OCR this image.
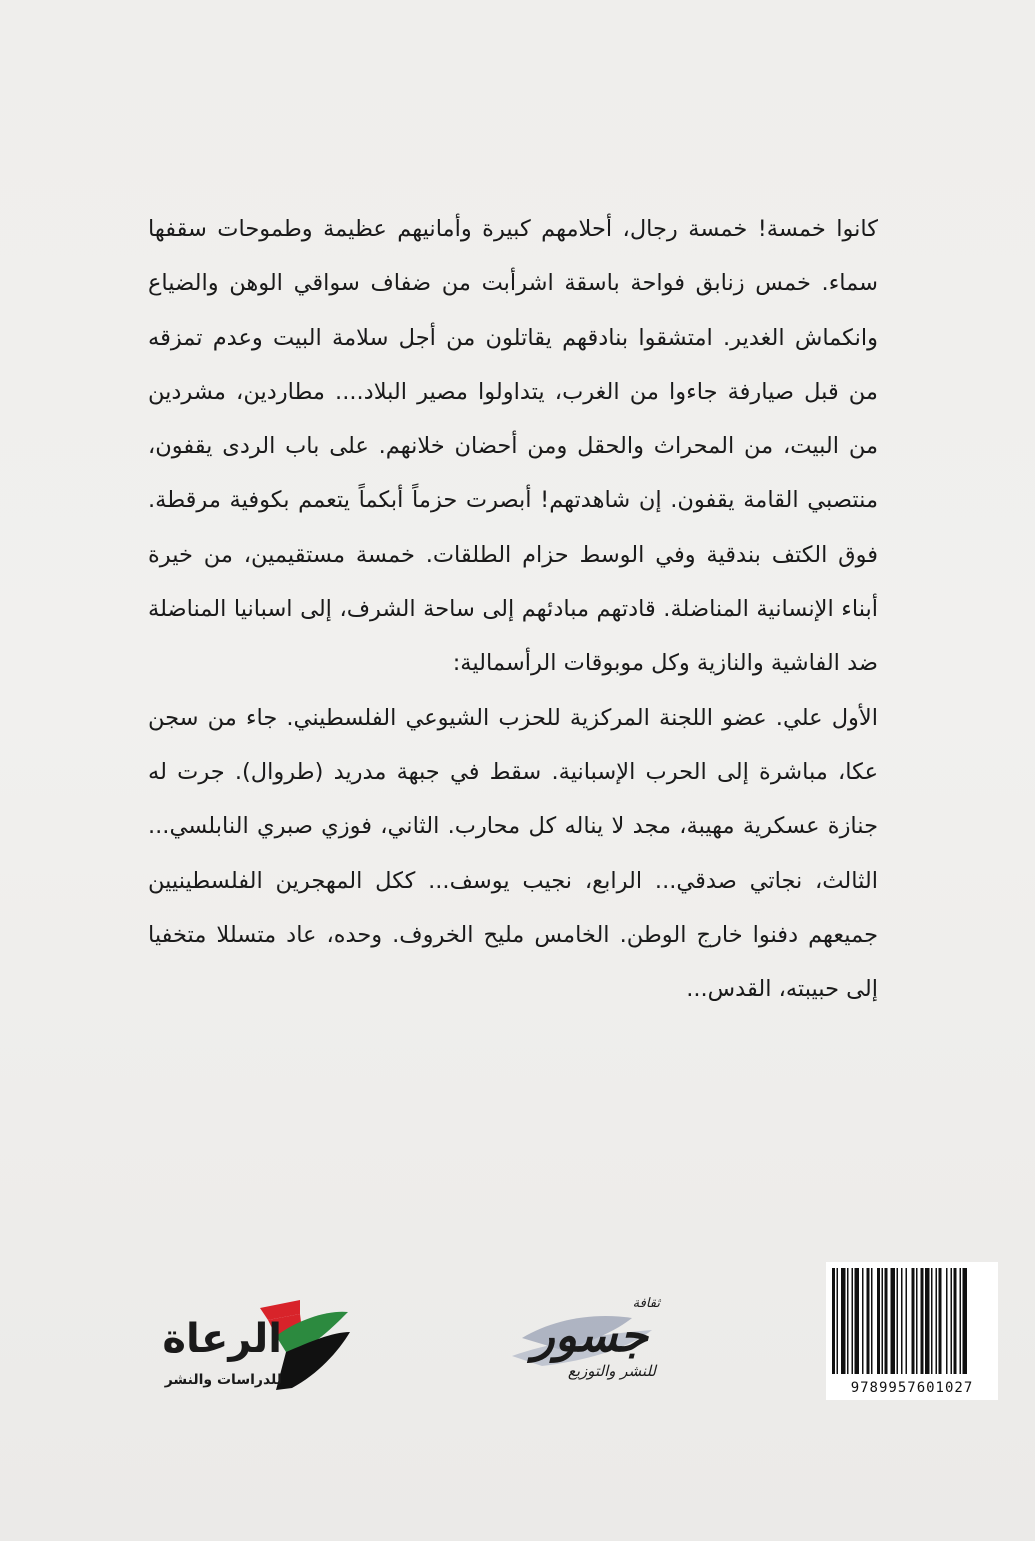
كانوا خمسة! خمسة رجال، أحلامهم كبيرة وأمانيهم عظيمة وطموحات سقفها سماء. خمس زنابق فواحة باسقة اشرأبت من ضفاف سواقي الوهن والضياع وانكماش الغدير. امتشقوا بنادقهم يقاتلون من أجل سلامة البيت وعدم تمزقه من قبل صيارفة جاءوا من الغرب، يتداولوا مصير البلاد.... مطاردين، مشردين من البيت، من المحراث والحقل ومن أحضان خلانهم. على باب الردى يقفون، منتصبي القامة يقفون. إن شاهدتهم! أبصرت حزماً أبكماً يتعمم بكوفية مرقطة. فوق الكتف بندقية وفي الوسط حزام الطلقات. خمسة مستقيمين، من خيرة أبناء الإنسانية المناضلة. قادتهم مبادئهم إلى ساحة الشرف، إلى اسبانيا المناضلة ضد الفاشية والنازية وكل موبوقات الرأسمالية:

الأول علي. عضو اللجنة المركزية للحزب الشيوعي الفلسطيني. جاء من سجن عكا، مباشرة إلى الحرب الإسبانية. سقط في جبهة مدريد (طروال). جرت له جنازة عسكرية مهيبة، مجد لا يناله كل محارب. الثاني، فوزي صبري النابلسي... الثالث، نجاتي صدقي... الرابع، نجيب يوسف... ككل المهجرين الفلسطينيين جميعهم دفنوا خارج الوطن. الخامس مليح الخروف. وحده، عاد متسللا متخفيا إلى حبيبته، القدس...

الرعاة
للدراسات والنشر
ثقافة
جسور
للنشر والتوزيع
9789957601027
